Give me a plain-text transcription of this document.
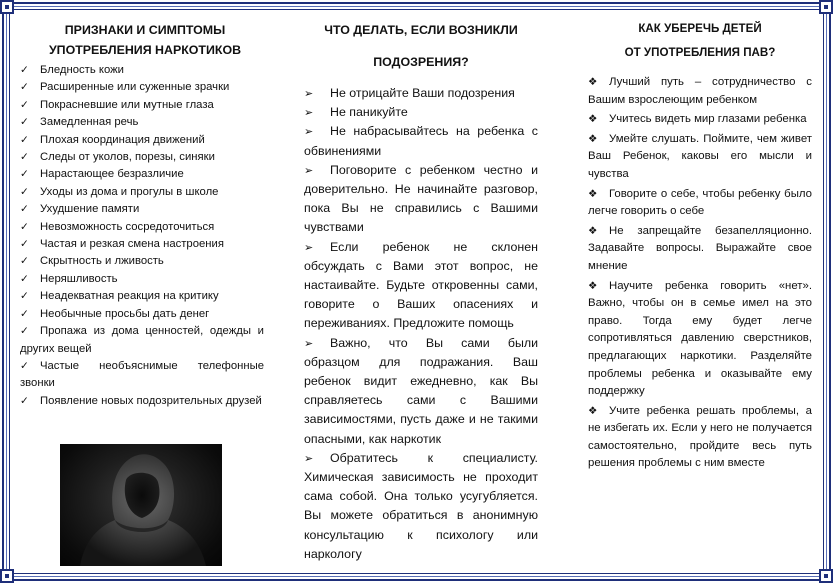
ПРИЗНАКИ И СИМПТОМЫ
УПОТРЕБЛЕНИЯ НАРКОТИКОВ
✓ Бледность кожи
✓ Расширенные или суженные зрачки
✓ Покрасневшие или мутные глаза
✓ Замедленная речь
✓ Плохая координация движений
✓ Следы от уколов, порезы, синяки
✓ Нарастающее безразличие
✓ Уходы из дома и прогулы в школе
✓ Ухудшение памяти
✓ Невозможность сосредоточиться
✓ Частая и резкая смена настроения
✓ Скрытность и лживость
✓ Неряшливость
✓ Неадекватная реакция на критику
✓ Необычные просьбы дать денег
✓ Пропажа из дома ценностей, одежды и других вещей
✓ Частые необъяснимые телефонные звонки
✓ Появление новых подозрительных друзей
ЧТО ДЕЛАТЬ, ЕСЛИ ВОЗНИКЛИ
ПОДОЗРЕНИЯ?

➢ Не отрицайте Ваши подозрения

➢ Не паникуйте

➢ Не набрасывайтесь на ребенка с обвинениями

➢ Поговорите с ребенком честно и доверительно. Не начинайте разговор, пока Вы не справились с Вашими чувствами

➢ Если ребенок не склонен обсуждать с Вами этот вопрос, не настаивайте. Будьте откровенны сами, говорите о Ваших опасениях и переживаниях. Предложите помощь

➢ Важно, что Вы сами были образцом для подражания. Ваш ребенок видит ежедневно, как Вы справляетесь сами с Вашими зависимостями, пусть даже и не такими опасными, как наркотик

➢ Обратитесь к специалисту. Химическая зависимость не проходит сама собой. Она только усугубляется. Вы можете обратиться в анонимную консультацию к психологу или наркологу

КАК УБЕРЕЧЬ ДЕТЕЙ
ОТ УПОТРЕБЛЕНИЯ ПАВ?

❖ Лучший путь – сотрудничество с Вашим взрослеющим ребенком

❖ Учитесь видеть мир глазами ребенка

❖ Умейте слушать. Поймите, чем живет Ваш Ребенок, каковы его мысли и чувства

❖ Говорите о себе, чтобы ребенку было легче говорить о себе

❖ Не запрещайте безапелляционно. Задавайте вопросы. Выражайте свое мнение

❖ Научите ребенка говорить «нет». Важно, чтобы он в семье имел на это право. Тогда ему будет легче сопротивляться давлению сверстников, предлагающих наркотики. Разделяйте проблемы ребенка и оказывайте ему поддержку

❖ Учите ребенка решать проблемы, а не избегать их. Если у него не получается самостоятельно, пройдите весь путь решения проблемы с ним вместе
